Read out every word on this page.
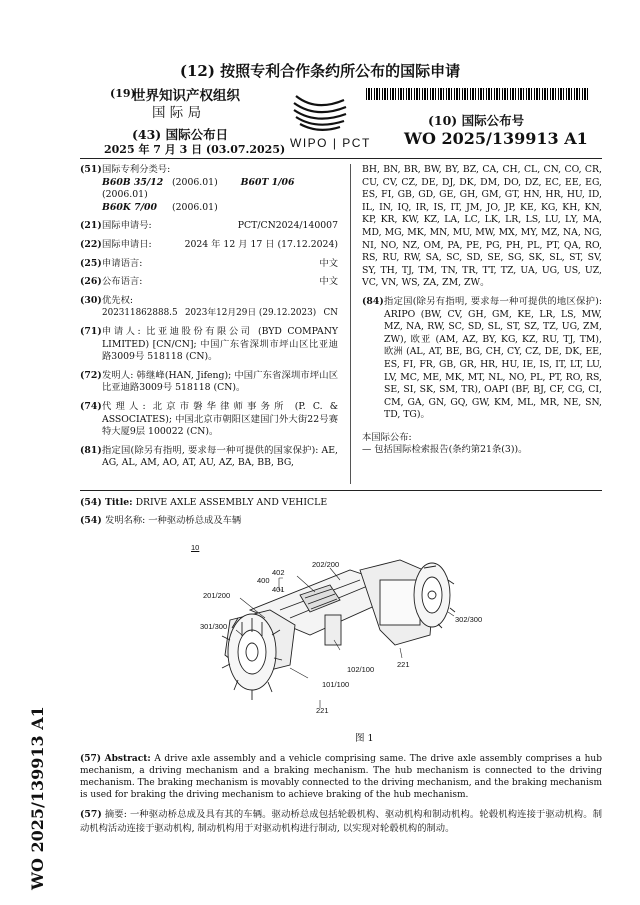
(12) 按照专利合作条约所公布的国际申请
(19)
世界知识产权组织
国 际 局
WIPO | PCT
(43) 国际公布日
2025 年 7 月 3 日 (03.07.2025)
(10) 国际公布号
WO 2025/139913 A1
(51) 国际专利分类号:
B60B 35/12 (2006.01) B60T 1/06(2006.01)
B60K 7/00 (2006.01)
(21) 国际申请号:	PCT/CN2024/140007
(22) 国际申请日:	2024 年 12 月 17 日 (17.12.2024)
(25) 申请语言:	中文
(26) 公布语言:	中文
(30) 优先权:
202311862888.5 2023年12月29日 (29.12.2023) CN
(71) 申请人: 比亚迪股份有限公司 (BYD COMPANY LIMITED) [CN/CN]; 中国广东省深圳市坪山区比亚迪路3009号 518118 (CN)。
(72) 发明人: 韩继峰(HAN, Jifeng); 中国广东省深圳市坪山区比亚迪路3009号 518118 (CN)。
(74) 代理人: 北京市磐华律师事务所 (P. C. & ASSOCIATES); 中国北京市朝阳区建国门外大街22号赛特大厦9层 100022 (CN)。
(81) 指定国(除另有指明, 要求每一种可提供的国家保护): AE, AG, AL, AM, AO, AT, AU, AZ, BA, BB, BG,
BH, BN, BR, BW, BY, BZ, CA, CH, CL, CN, CO, CR, CU, CV, CZ, DE, DJ, DK, DM, DO, DZ, EC, EE, EG, ES, FI, GB, GD, GE, GH, GM, GT, HN, HR, HU, ID, IL, IN, IQ, IR, IS, IT, JM, JO, JP, KE, KG, KH, KN, KP, KR, KW, KZ, LA, LC, LK, LR, LS, LU, LY, MA, MD, MG, MK, MN, MU, MW, MX, MY, MZ, NA, NG, NI, NO, NZ, OM, PA, PE, PG, PH, PL, PT, QA, RO, RS, RU, RW, SA, SC, SD, SE, SG, SK, SL, ST, SV, SY, TH, TJ, TM, TN, TR, TT, TZ, UA, UG, US, UZ, VC, VN, WS, ZA, ZM, ZW。
(84) 指定国(除另有指明, 要求每一种可提供的地区保护): ARIPO (BW, CV, GH, GM, KE, LR, LS, MW, MZ, NA, RW, SC, SD, SL, ST, SZ, TZ, UG, ZM, ZW), 欧亚 (AM, AZ, BY, KG, KZ, RU, TJ, TM), 欧洲 (AL, AT, BE, BG, CH, CY, CZ, DE, DK, EE, ES, FI, FR, GB, GR, HR, HU, IE, IS, IT, LT, LU, LV, MC, ME, MK, MT, NL, NO, PL, PT, RO, RS, SE, SI, SK, SM, TR), OAPI (BF, BJ, CF, CG, CI, CM, GA, GN, GQ, GW, KM, ML, MR, NE, SN, TD, TG)。
本国际公布:
— 包括国际检索报告(条约第21条(3))。
(54) Title: DRIVE AXLE ASSEMBLY AND VEHICLE
(54) 发明名称: 一种驱动桥总成及车辆
10
202/200
402
400
401
201/200
301/300
302/300
102/100
221
101/100
221
图 1
(57) Abstract: A drive axle assembly and a vehicle comprising same. The drive axle assembly comprises a hub mechanism, a driving mechanism and a braking mechanism. The hub mechanism is connected to the driving mechanism. The braking mechanism is movably connected to the driving mechanism, and the braking mechanism is used for braking the driving mechanism to achieve braking of the hub mechanism.
(57) 摘要: 一种驱动桥总成及具有其的车辆。驱动桥总成包括轮毂机构、驱动机构和制动机构。轮毂机构连接于驱动机构。制动机构活动连接于驱动机构, 制动机构用于对驱动机构进行制动, 以实现对轮毂机构的制动。
WO 2025/139913 A1
